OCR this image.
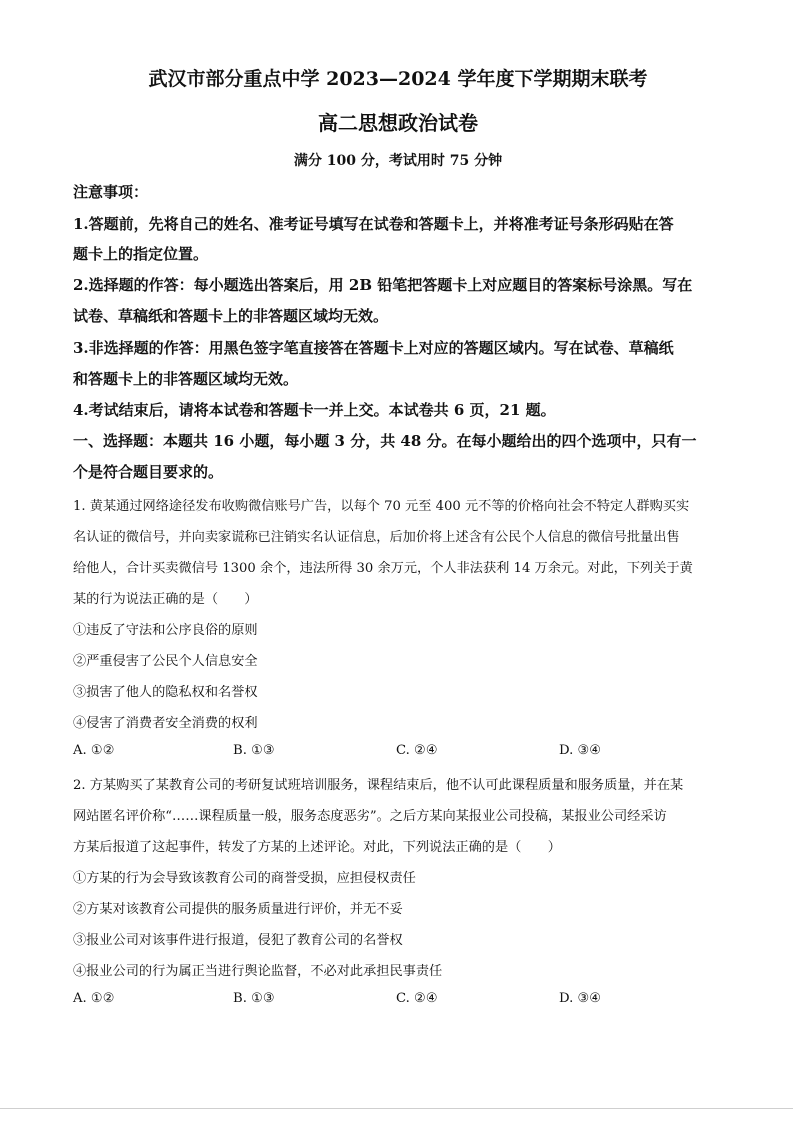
武汉市部分重点中学 2023—2024 学年度下学期期末联考
高二思想政治试卷
满分 100 分，考试用时 75 分钟
注意事项：
1.答题前，先将自己的姓名、准考证号填写在试卷和答题卡上，并将准考证号条形码贴在答
题卡上的指定位置。
2.选择题的作答：每小题选出答案后，用 2B 铅笔把答题卡上对应题目的答案标号涂黑。写在
试卷、草稿纸和答题卡上的非答题区域均无效。
3.非选择题的作答：用黑色签字笔直接答在答题卡上对应的答题区域内。写在试卷、草稿纸
和答题卡上的非答题区域均无效。
4.考试结束后，请将本试卷和答题卡一并上交。本试卷共 6 页，21 题。
一、选择题：本题共 16 小题，每小题 3 分，共 48 分。在每小题给出的四个选项中，只有一
个是符合题目要求的。
1. 黄某通过网络途径发布收购微信账号广告，以每个 70 元至 400 元不等的价格向社会不特定人群购买实
名认证的微信号，并向卖家谎称已注销实名认证信息，后加价将上述含有公民个人信息的微信号批量出售
给他人，合计买卖微信号 1300 余个，违法所得 30 余万元，个人非法获利 14 万余元。对此，下列关于黄
某的行为说法正确的是（　　）
①违反了守法和公序良俗的原则
②严重侵害了公民个人信息安全
③损害了他人的隐私权和名誉权
④侵害了消费者安全消费的权利
A. ①②	B. ①③	C. ②④	D. ③④
2. 方某购买了某教育公司的考研复试班培训服务，课程结束后，他不认可此课程质量和服务质量，并在某
网站匿名评价称“……课程质量一般，服务态度恶劣”。之后方某向某报业公司投稿，某报业公司经采访
方某后报道了这起事件，转发了方某的上述评论。对此，下列说法正确的是（　　）
①方某的行为会导致该教育公司的商誉受损，应担侵权责任
②方某对该教育公司提供的服务质量进行评价，并无不妥
③报业公司对该事件进行报道，侵犯了教育公司的名誉权
④报业公司的行为属正当进行舆论监督，不必对此承担民事责任
A. ①②	B. ①③	C. ②④	D. ③④
